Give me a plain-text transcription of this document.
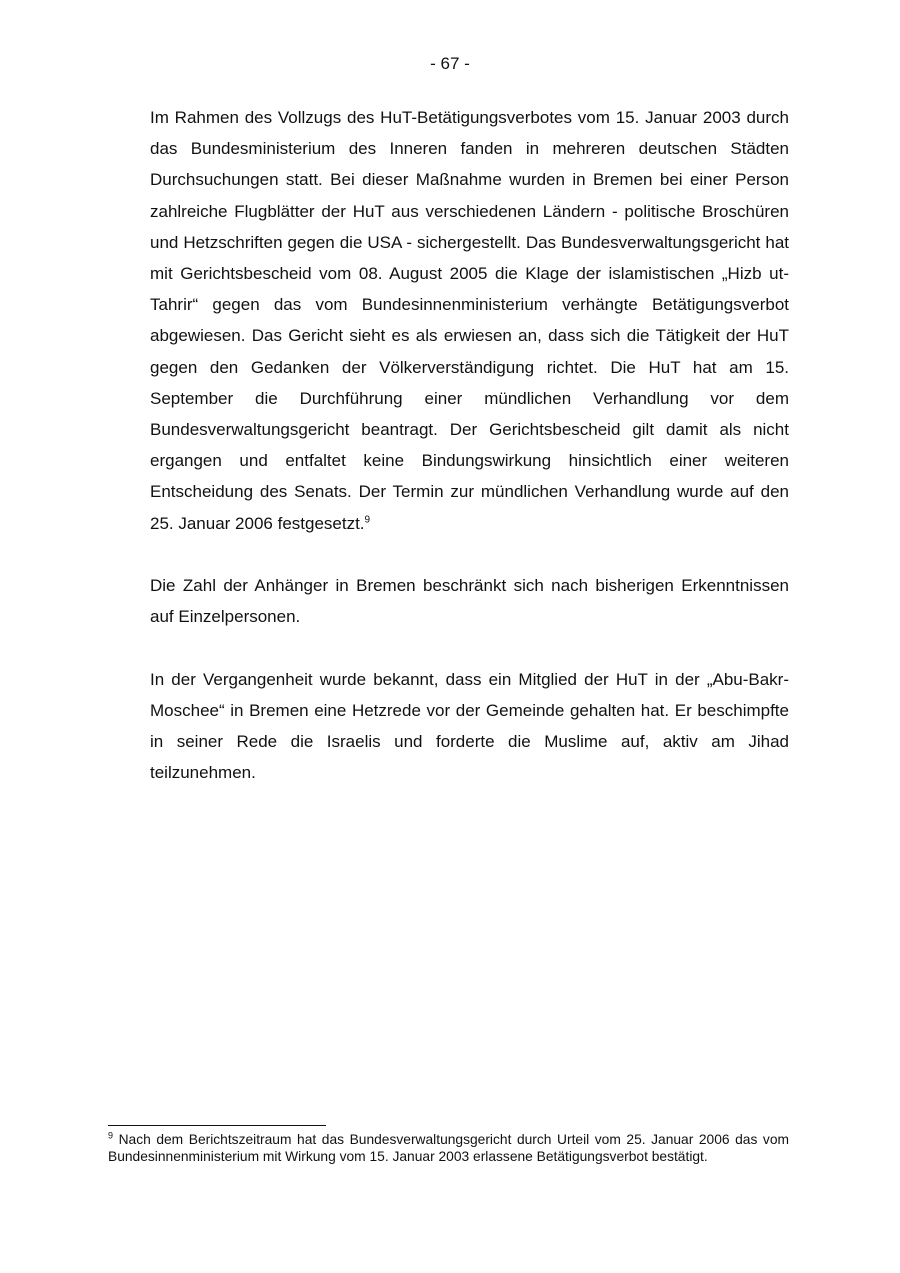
- 67 -

Im Rahmen des Vollzugs des HuT-Betätigungsverbotes vom 15. Januar 2003 durch das Bundesministerium des Inneren fanden in mehreren deutschen Städten Durchsuchungen statt. Bei dieser Maßnahme wurden in Bremen bei einer Person zahlreiche Flugblätter der HuT aus verschiedenen Ländern - politische Broschüren und Hetzschriften gegen die USA - sichergestellt. Das Bundesverwaltungsgericht hat mit Gerichtsbescheid vom 08. August 2005 die Klage der islamistischen „Hizb ut-Tahrir“ gegen das vom Bundesinnenministerium verhängte Betätigungsverbot abgewiesen. Das Gericht sieht es als erwiesen an, dass sich die Tätigkeit der HuT gegen den Gedanken der Völkerverständigung richtet. Die HuT hat am 15. September die Durchführung einer mündlichen Verhandlung vor dem Bundesverwaltungsgericht beantragt. Der Gerichtsbescheid gilt damit als nicht ergangen und entfaltet keine Bindungswirkung hinsichtlich einer weiteren Entscheidung des Senats. Der Termin zur mündlichen Verhandlung wurde auf den 25. Januar 2006 festgesetzt.$^9$

Die Zahl der Anhänger in Bremen beschränkt sich nach bisherigen Erkenntnissen auf Einzelpersonen.

In der Vergangenheit wurde bekannt, dass ein Mitglied der HuT in der „Abu-Bakr-Moschee“ in Bremen eine Hetzrede vor der Gemeinde gehalten hat. Er beschimpfte in seiner Rede die Israelis und forderte die Muslime auf, aktiv am Jihad teilzunehmen.

$^9$ Nach dem Berichtszeitraum hat das Bundesverwaltungsgericht durch Urteil vom 25. Januar 2006 das vom Bundesinnenministerium mit Wirkung vom 15. Januar 2003 erlassene Betätigungsverbot bestätigt.
